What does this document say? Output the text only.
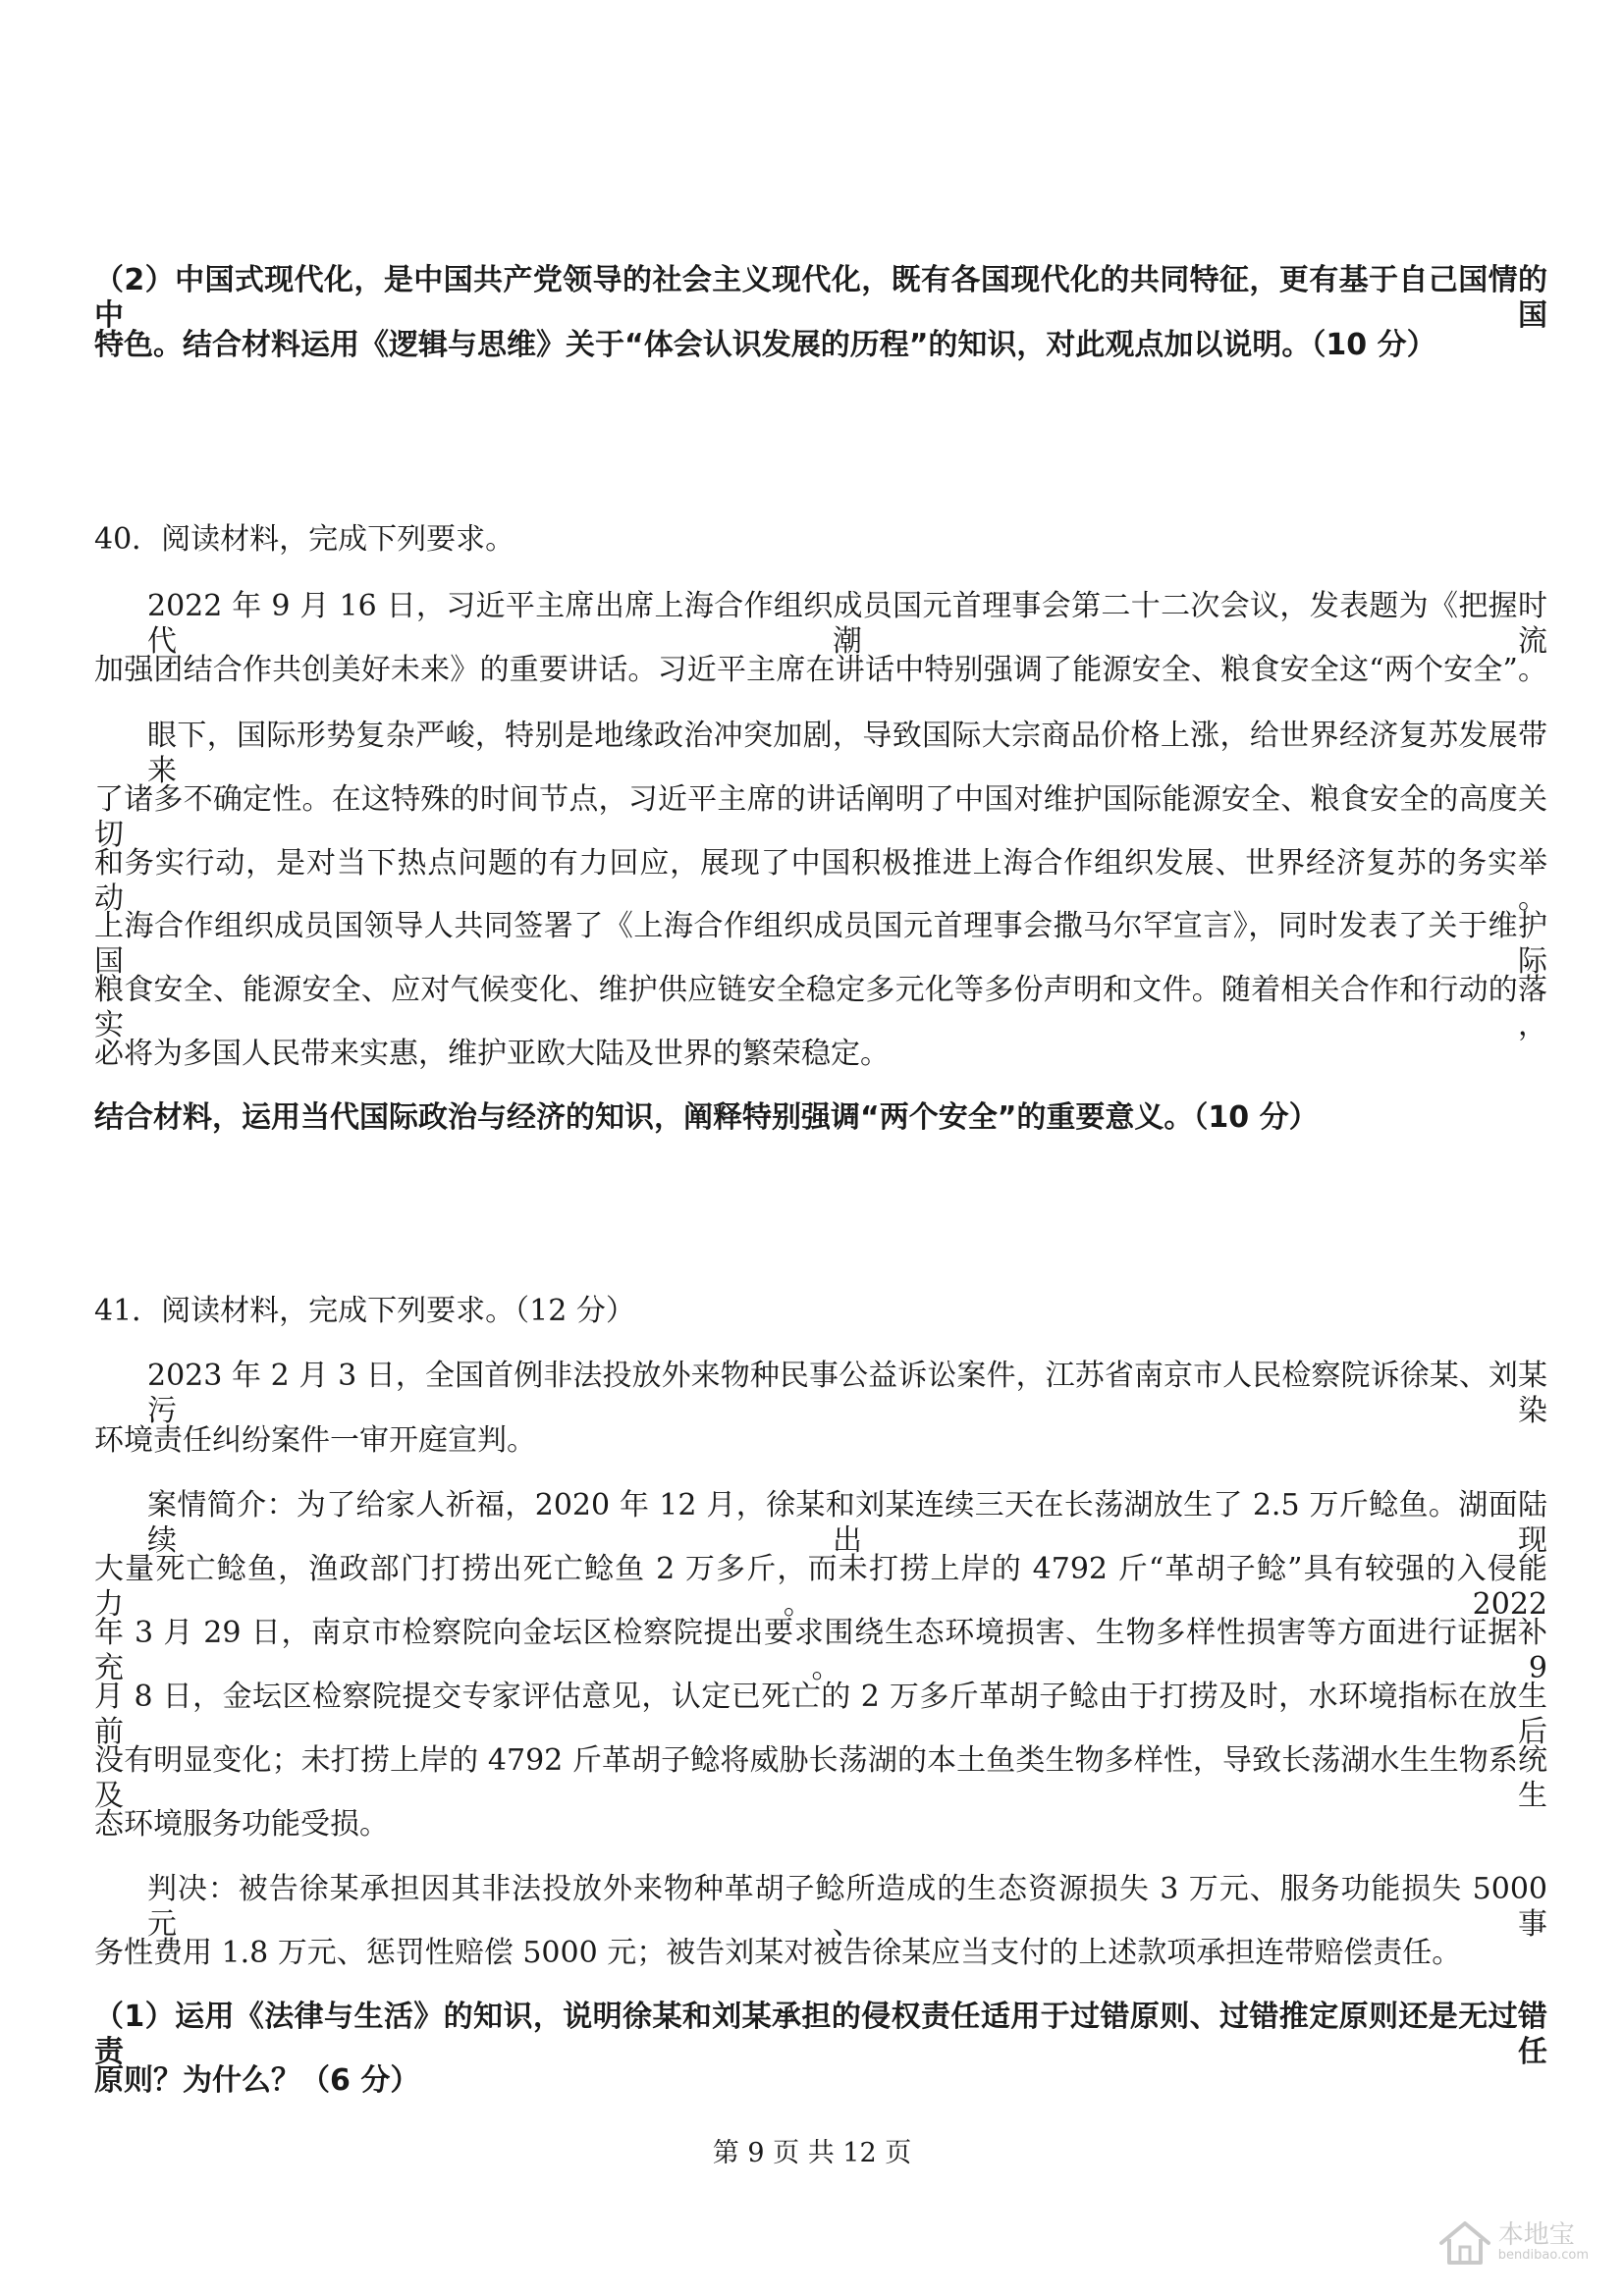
（2）中国式现代化，是中国共产党领导的社会主义现代化，既有各国现代化的共同特征，更有基于自己国情的中国
特色。结合材料运用《逻辑与思维》关于“体会认识发展的历程”的知识，对此观点加以说明。（10 分）
40．阅读材料，完成下列要求。
2022 年 9 月 16 日，习近平主席出席上海合作组织成员国元首理事会第二十二次会议，发表题为《把握时代潮流
加强团结合作共创美好未来》的重要讲话。习近平主席在讲话中特别强调了能源安全、粮食安全这“两个安全”。
眼下，国际形势复杂严峻，特别是地缘政治冲突加剧，导致国际大宗商品价格上涨，给世界经济复苏发展带来
了诸多不确定性。在这特殊的时间节点，习近平主席的讲话阐明了中国对维护国际能源安全、粮食安全的高度关切
和务实行动，是对当下热点问题的有力回应，展现了中国积极推进上海合作组织发展、世界经济复苏的务实举动。
上海合作组织成员国领导人共同签署了《上海合作组织成员国元首理事会撒马尔罕宣言》，同时发表了关于维护国际
粮食安全、能源安全、应对气候变化、维护供应链安全稳定多元化等多份声明和文件。随着相关合作和行动的落实，
必将为多国人民带来实惠，维护亚欧大陆及世界的繁荣稳定。
结合材料，运用当代国际政治与经济的知识，阐释特别强调“两个安全”的重要意义。（10 分）
41．阅读材料，完成下列要求。（12 分）
2023 年 2 月 3 日，全国首例非法投放外来物种民事公益诉讼案件，江苏省南京市人民检察院诉徐某、刘某污染
环境责任纠纷案件一审开庭宣判。
案情简介：为了给家人祈福，2020 年 12 月，徐某和刘某连续三天在长荡湖放生了 2.5 万斤鲶鱼。湖面陆续出现
大量死亡鲶鱼，渔政部门打捞出死亡鲶鱼 2 万多斤，而未打捞上岸的 4792 斤“革胡子鲶”具有较强的入侵能力。2022
年 3 月 29 日，南京市检察院向金坛区检察院提出要求围绕生态环境损害、生物多样性损害等方面进行证据补充。9
月 8 日，金坛区检察院提交专家评估意见，认定已死亡的 2 万多斤革胡子鲶由于打捞及时，水环境指标在放生前后
没有明显变化；未打捞上岸的 4792 斤革胡子鲶将威胁长荡湖的本土鱼类生物多样性，导致长荡湖水生生物系统及生
态环境服务功能受损。
判决：被告徐某承担因其非法投放外来物种革胡子鲶所造成的生态资源损失 3 万元、服务功能损失 5000 元、事
务性费用 1.8 万元、惩罚性赔偿 5000 元；被告刘某对被告徐某应当支付的上述款项承担连带赔偿责任。
（1）运用《法律与生活》的知识，说明徐某和刘某承担的侵权责任适用于过错原则、过错推定原则还是无过错责任
原则？为什么？（6 分）
第 9 页 共 12 页
本地宝
bendibao.com
